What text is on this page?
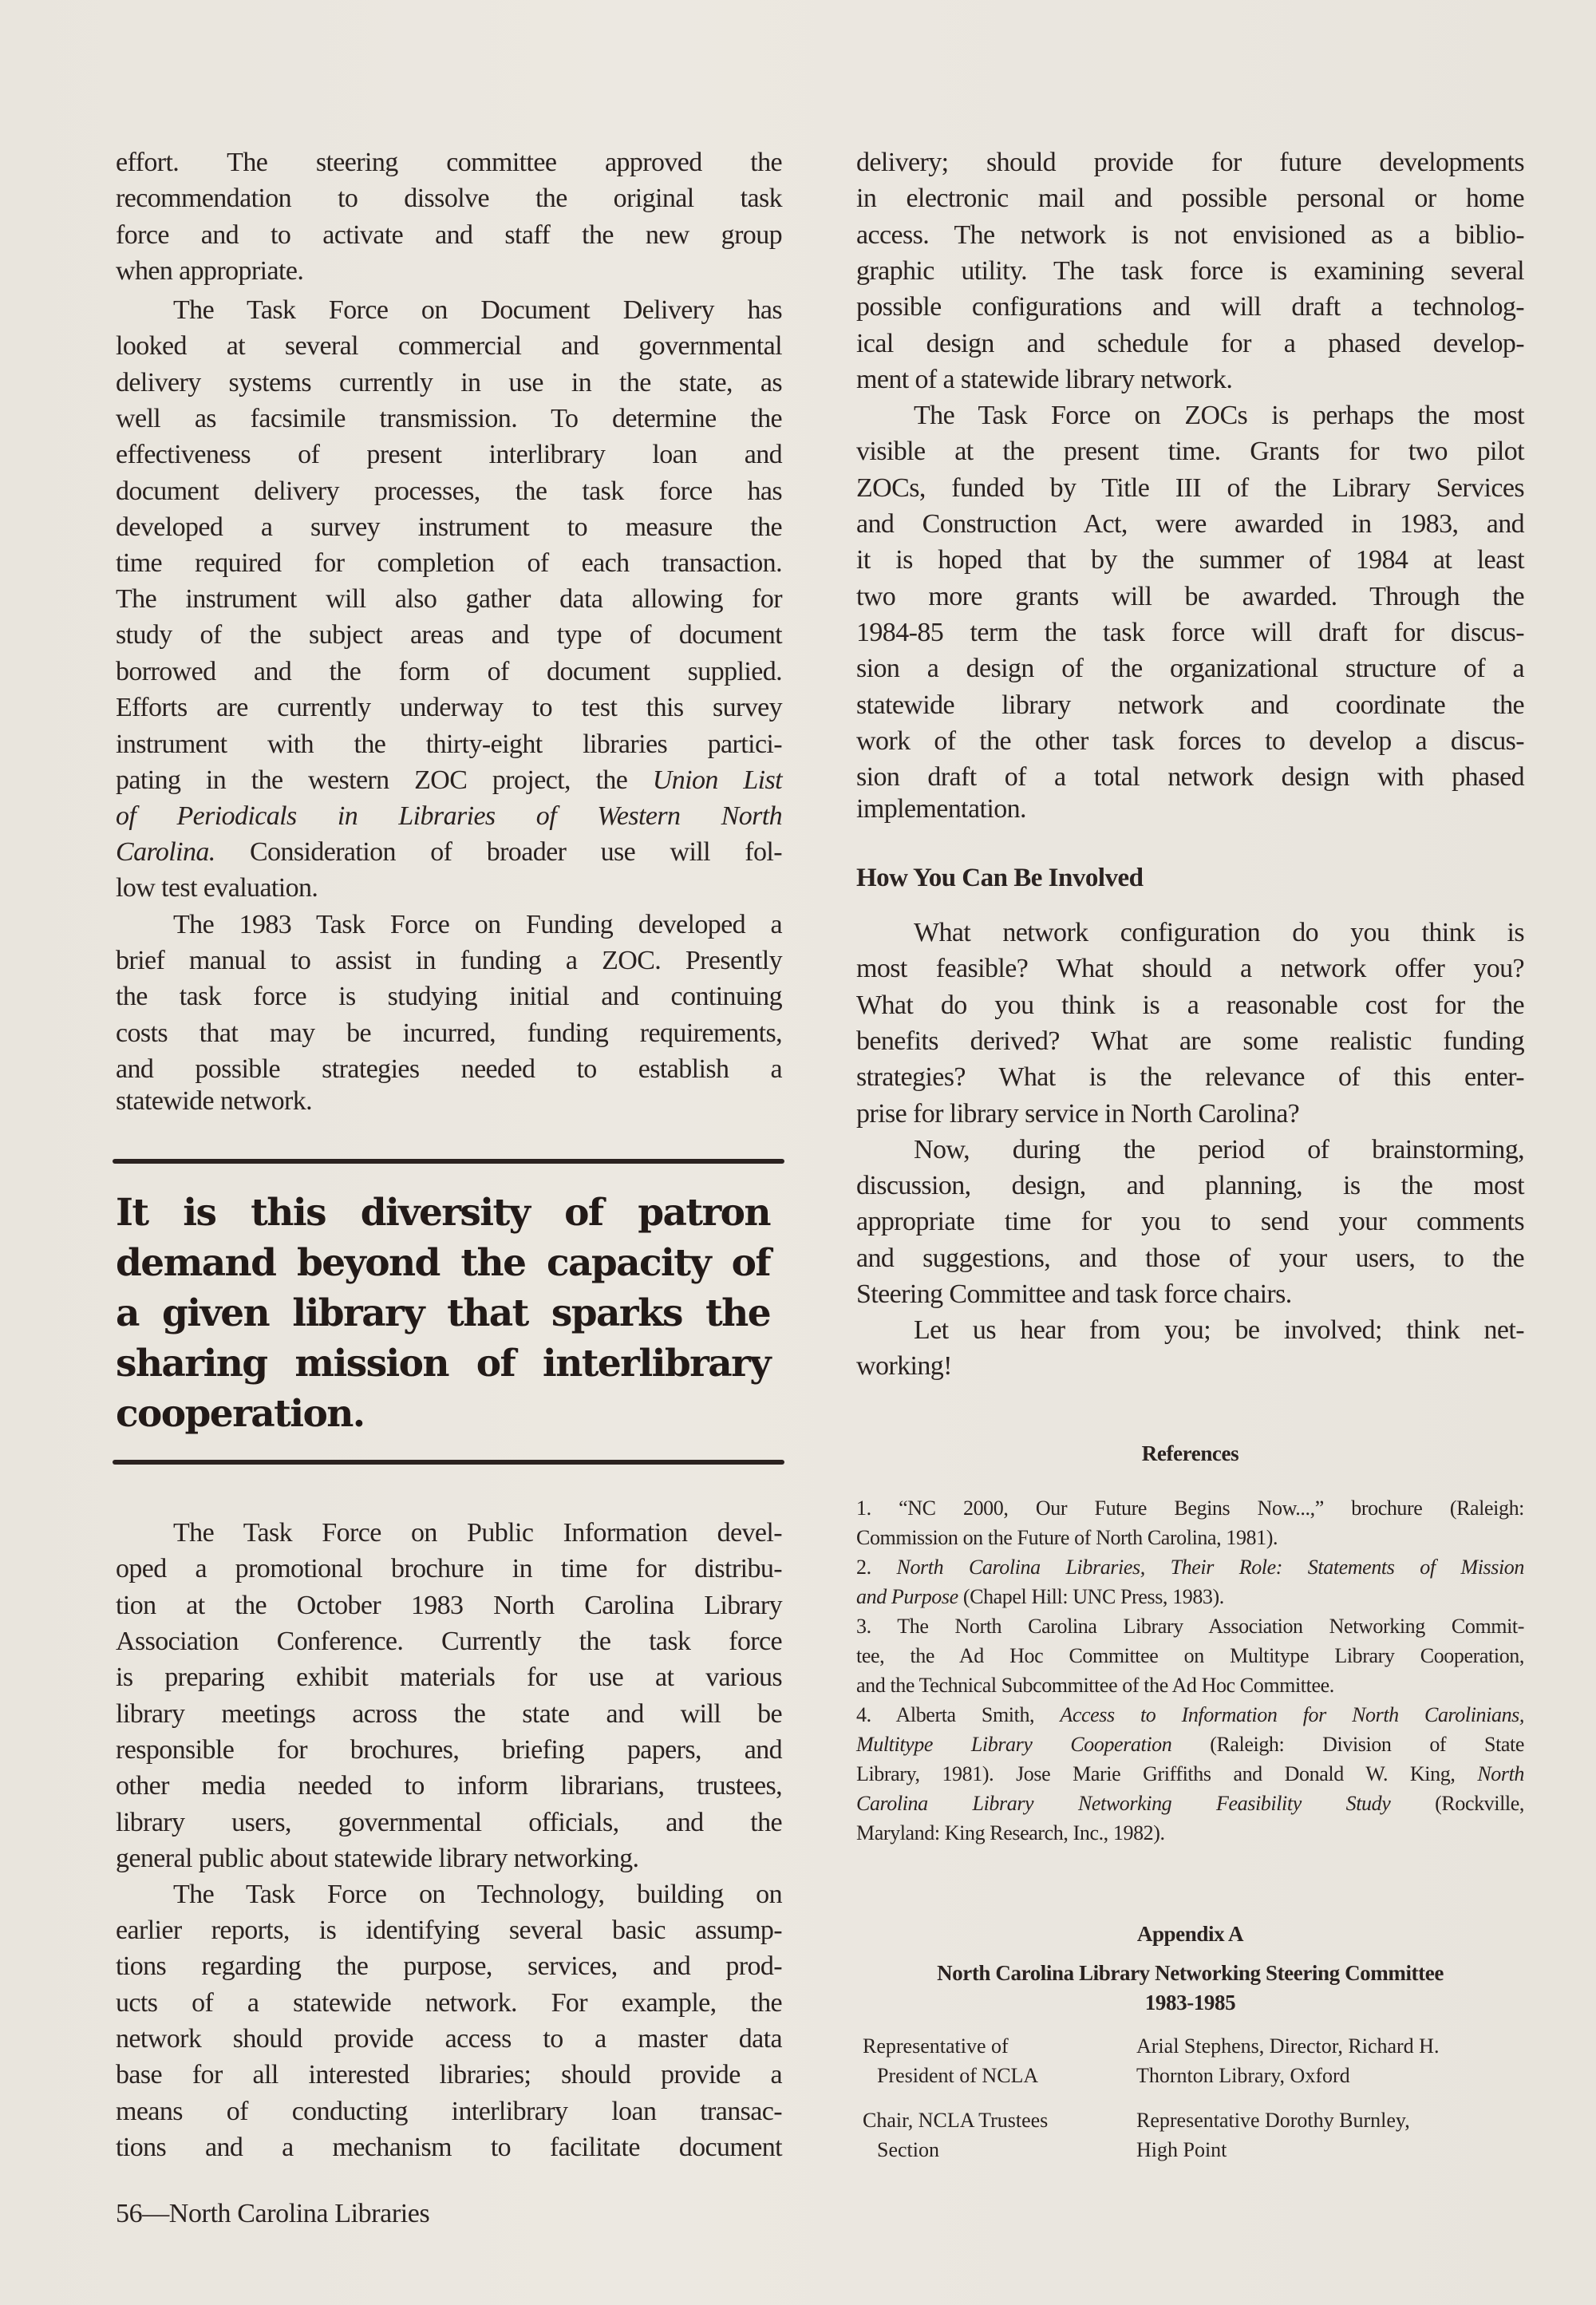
effort. The steering committee approved the
recommendation to dissolve the original task
force and to activate and staff the new group
when appropriate.
The Task Force on Document Delivery has
looked at several commercial and governmental
delivery systems currently in use in the state, as
well as facsimile transmission. To determine the
effectiveness of present interlibrary loan and
document delivery processes, the task force has
developed a survey instrument to measure the
time required for completion of each transaction.
The instrument will also gather data allowing for
study of the subject areas and type of document
borrowed and the form of document supplied.
Efforts are currently underway to test this survey
instrument with the thirty-eight libraries partici-
pating in the western ZOC project, the Union List
of Periodicals in Libraries of Western North
Carolina. Consideration of broader use will fol-
low test evaluation.
The 1983 Task Force on Funding developed a
brief manual to assist in funding a ZOC. Presently
the task force is studying initial and continuing
costs that may be incurred, funding requirements,
and possible strategies needed to establish a
statewide network.
It is this diversity of patron
demand beyond the capacity of
a given library that sparks the
sharing mission of interlibrary
cooperation.
The Task Force on Public Information devel-
oped a promotional brochure in time for distribu-
tion at the October 1983 North Carolina Library
Association Conference. Currently the task force
is preparing exhibit materials for use at various
library meetings across the state and will be
responsible for brochures, briefing papers, and
other media needed to inform librarians, trustees,
library users, governmental officials, and the
general public about statewide library networking.
The Task Force on Technology, building on
earlier reports, is identifying several basic assump-
tions regarding the purpose, services, and prod-
ucts of a statewide network. For example, the
network should provide access to a master data
base for all interested libraries; should provide a
means of conducting interlibrary loan transac-
tions and a mechanism to facilitate document
56—North Carolina Libraries
delivery; should provide for future developments
in electronic mail and possible personal or home
access. The network is not envisioned as a biblio-
graphic utility. The task force is examining several
possible configurations and will draft a technolog-
ical design and schedule for a phased develop-
ment of a statewide library network.
The Task Force on ZOCs is perhaps the most
visible at the present time. Grants for two pilot
ZOCs, funded by Title III of the Library Services
and Construction Act, were awarded in 1983, and
it is hoped that by the summer of 1984 at least
two more grants will be awarded. Through the
1984-85 term the task force will draft for discus-
sion a design of the organizational structure of a
statewide library network and coordinate the
work of the other task forces to develop a discus-
sion draft of a total network design with phased
implementation.
How You Can Be Involved
What network configuration do you think is
most feasible? What should a network offer you?
What do you think is a reasonable cost for the
benefits derived? What are some realistic funding
strategies? What is the relevance of this enter-
prise for library service in North Carolina?
Now, during the period of brainstorming,
discussion, design, and planning, is the most
appropriate time for you to send your comments
and suggestions, and those of your users, to the
Steering Committee and task force chairs.
Let us hear from you; be involved; think net-
working!
References
1. “NC 2000, Our Future Begins Now...,” brochure (Raleigh:
Commission on the Future of North Carolina, 1981).
2. North Carolina Libraries, Their Role: Statements of Mission
and Purpose (Chapel Hill: UNC Press, 1983).
3. The North Carolina Library Association Networking Commit-
tee, the Ad Hoc Committee on Multitype Library Cooperation,
and the Technical Subcommittee of the Ad Hoc Committee.
4. Alberta Smith, Access to Information for North Carolinians,
Multitype Library Cooperation (Raleigh: Division of State
Library, 1981). Jose Marie Griffiths and Donald W. King, North
Carolina Library Networking Feasibility Study (Rockville,
Maryland: King Research, Inc., 1982).
Appendix A
North Carolina Library Networking Steering Committee
1983-1985
Representative of
President of NCLA
Arial Stephens, Director, Richard H.
Thornton Library, Oxford
Chair, NCLA Trustees
Section
Representative Dorothy Burnley,
High Point
